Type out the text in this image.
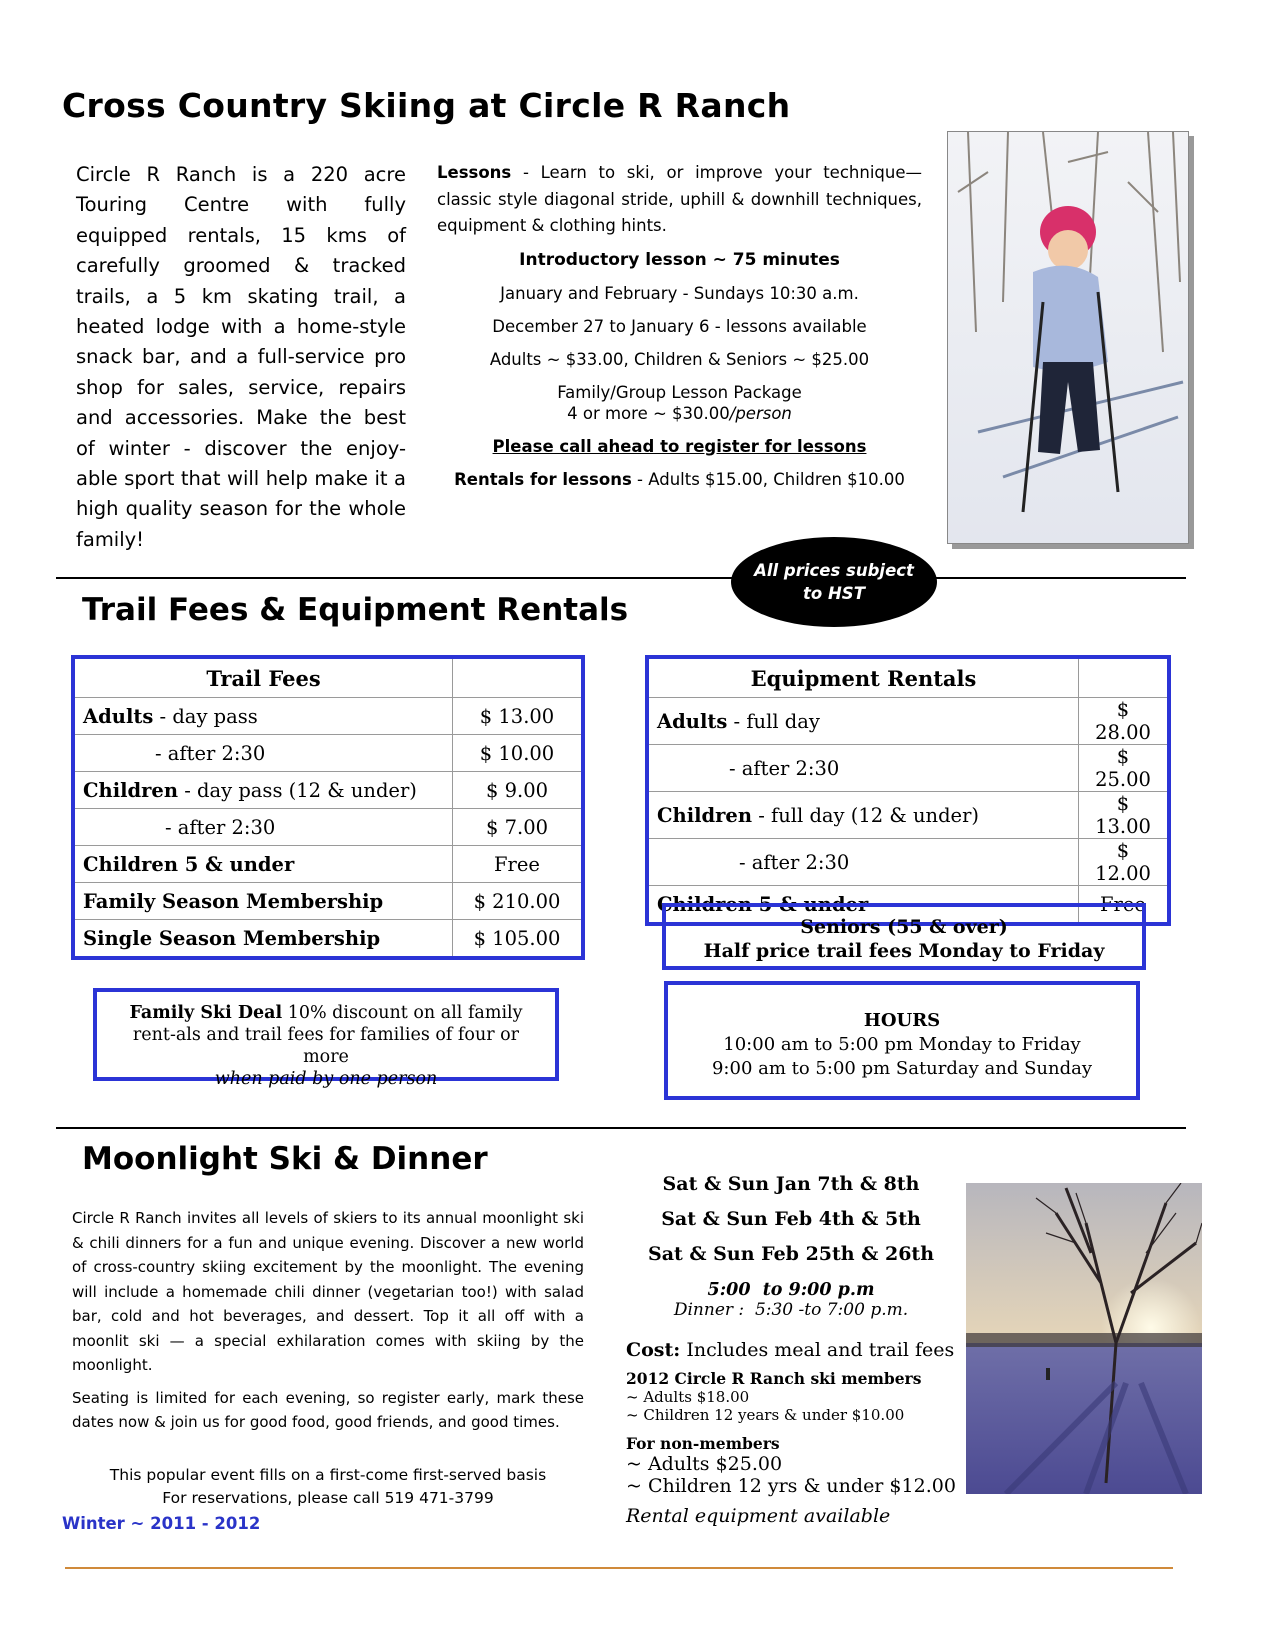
Cross Country Skiing at Circle R Ranch
Circle R Ranch is a 220 acre Touring Centre with fully equipped rentals, 15 kms of carefully groomed & tracked trails, a 5 km skating trail, a heated lodge with a home-style snack bar, and a full-service pro shop for sales, service, repairs and accessories. Make the best of winter - discover the enjoy-able sport that will help make it a high quality season for the whole family!

Lessons - Learn to ski, or improve your technique—classic style diagonal stride, uphill & downhill techniques, equipment & clothing hints.

Introductory lesson ~ 75 minutes

January and February - Sundays 10:30 a.m.

December 27 to January 6 - lessons available

Adults ~ $33.00, Children & Seniors ~ $25.00

Family/Group Lesson Package

4 or more ~ $30.00/person

Please call ahead to register for lessons

Rentals for lessons - Adults $15.00, Children $10.00

All prices subject
to HST
Trail Fees & Equipment Rentals
Trail Fees	
Adults - day pass	$ 13.00
- after 2:30	$ 10.00
Children - day pass (12 & under)	$ 9.00
- after 2:30	$ 7.00
Children 5 & under	Free
Family Season Membership	$ 210.00
Single Season Membership	$ 105.00
Equipment Rentals	
Adults - full day	$ 28.00
- after 2:30	$ 25.00
Children - full day (12 & under)	$ 13.00
- after 2:30	$ 12.00
Children 5 & under	Free
Seniors (55 & over)
Half price trail fees Monday to Friday
Family Ski Deal 10% discount on all family rent-als and trail fees for families of four or more
when paid by one person
HOURS
10:00 am to 5:00 pm Monday to Friday
9:00 am to 5:00 pm Saturday and Sunday
Moonlight Ski & Dinner

Circle R Ranch invites all levels of skiers to its annual moonlight ski & chili dinners for a fun and unique evening. Discover a new world of cross-country skiing excitement by the moonlight. The evening will include a homemade chili dinner (vegetarian too!) with salad bar, cold and hot beverages, and dessert. Top it all off with a moonlit ski — a special exhilaration comes with skiing by the moonlight.

Seating is limited for each evening, so register early, mark these dates now & join us for good food, good friends, and good times.

This popular event fills on a first-come first-served basis
For reservations, please call 519 471-3799
Sat & Sun Jan 7th & 8th
Sat & Sun Feb 4th & 5th
Sat & Sun Feb 25th & 26th
5:00  to 9:00 p.m
Dinner :  5:30 -to 7:00 p.m.
Cost: Includes meal and trail fees
2012 Circle R Ranch ski members
~ Adults $18.00
~ Children 12 years & under $10.00
For non-members
~ Adults $25.00
~ Children 12 yrs & under $12.00
Rental equipment available
Winter ~ 2011 - 2012
